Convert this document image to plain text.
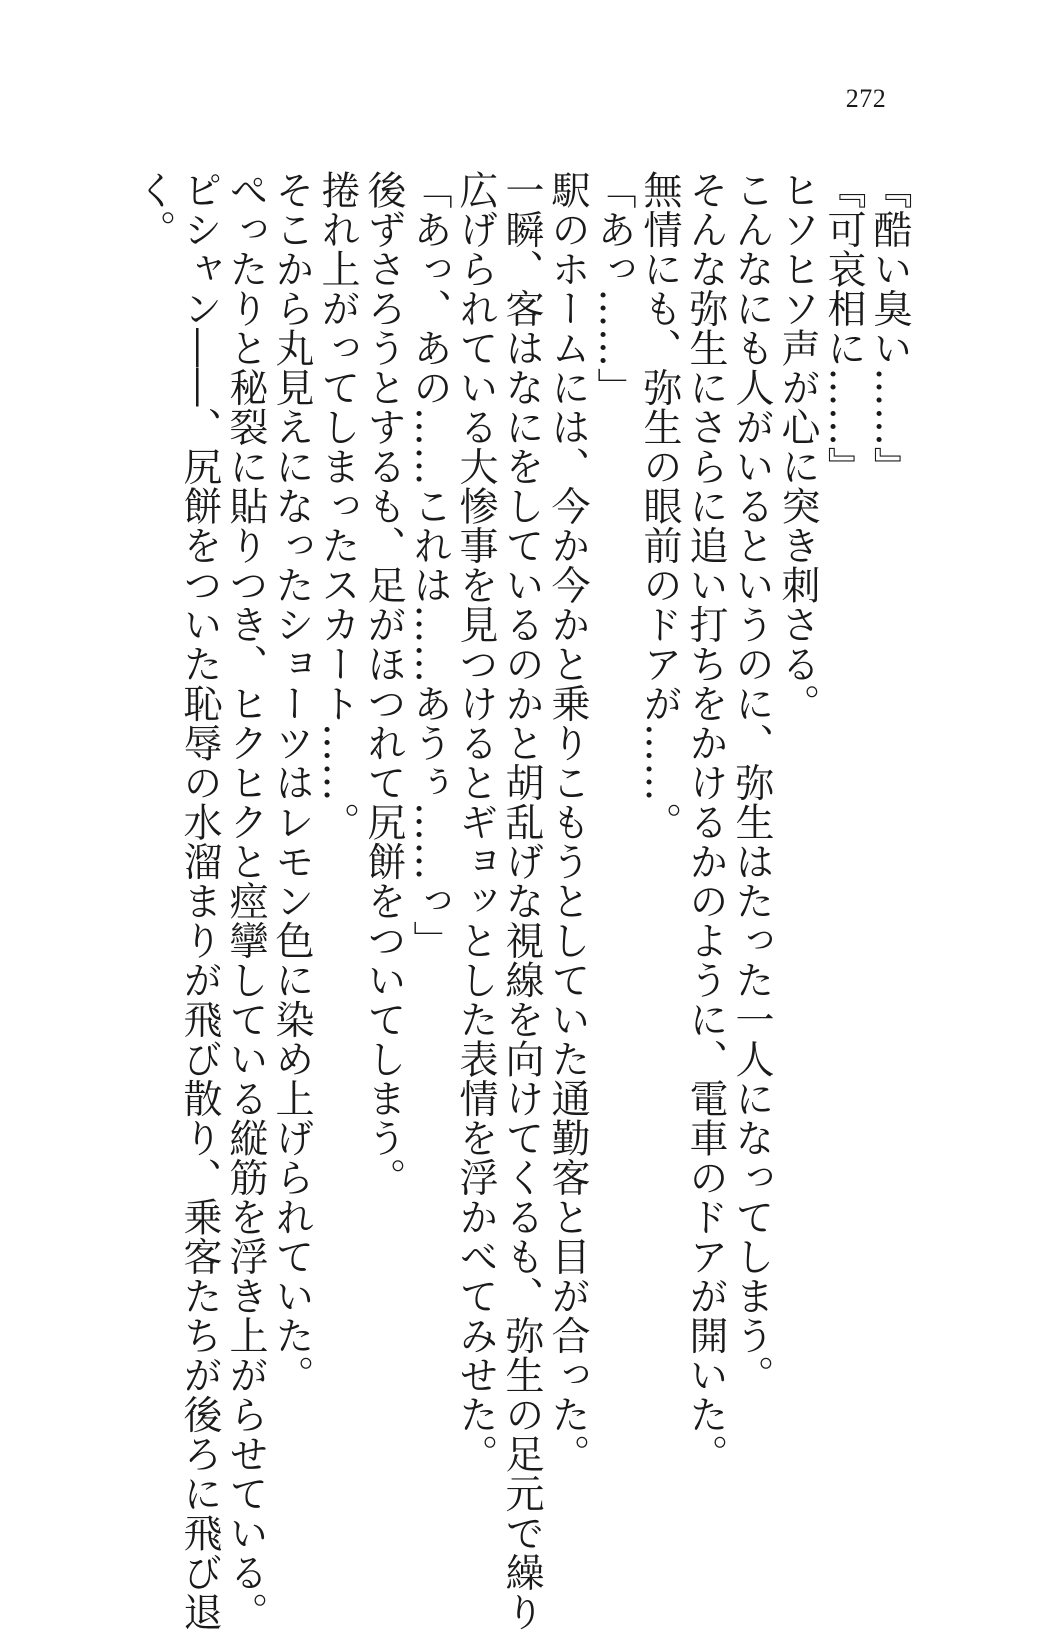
272
『酷い臭い……』
『可哀相に……』
ヒソヒソ声が心に突き刺さる。
こんなにも人がいるというのに、弥生はたった一人になってしまう。
そんな弥生にさらに追い打ちをかけるかのように、電車のドアが開いた。
無情にも、弥生の眼前のドアが……。
「あっ……」
駅のホームには、今か今かと乗りこもうとしていた通勤客と目が合った。
一瞬、客はなにをしているのかと胡乱げな視線を向けてくるも、弥生の足元で繰り
広げられている大惨事を見つけるとギョッとした表情を浮かべてみせた。
「あっ、あの……これは……あうぅ……っ」
後ずさろうとするも、足がほつれて尻餅をついてしまう。
捲れ上がってしまったスカート……。
そこから丸見えになったショーツはレモン色に染め上げられていた。
ぺったりと秘裂に貼りつき、ヒクヒクと痙攣している縦筋を浮き上がらせている。
ピシャン――、尻餅をついた恥辱の水溜まりが飛び散り、乗客たちが後ろに飛び退
く。
